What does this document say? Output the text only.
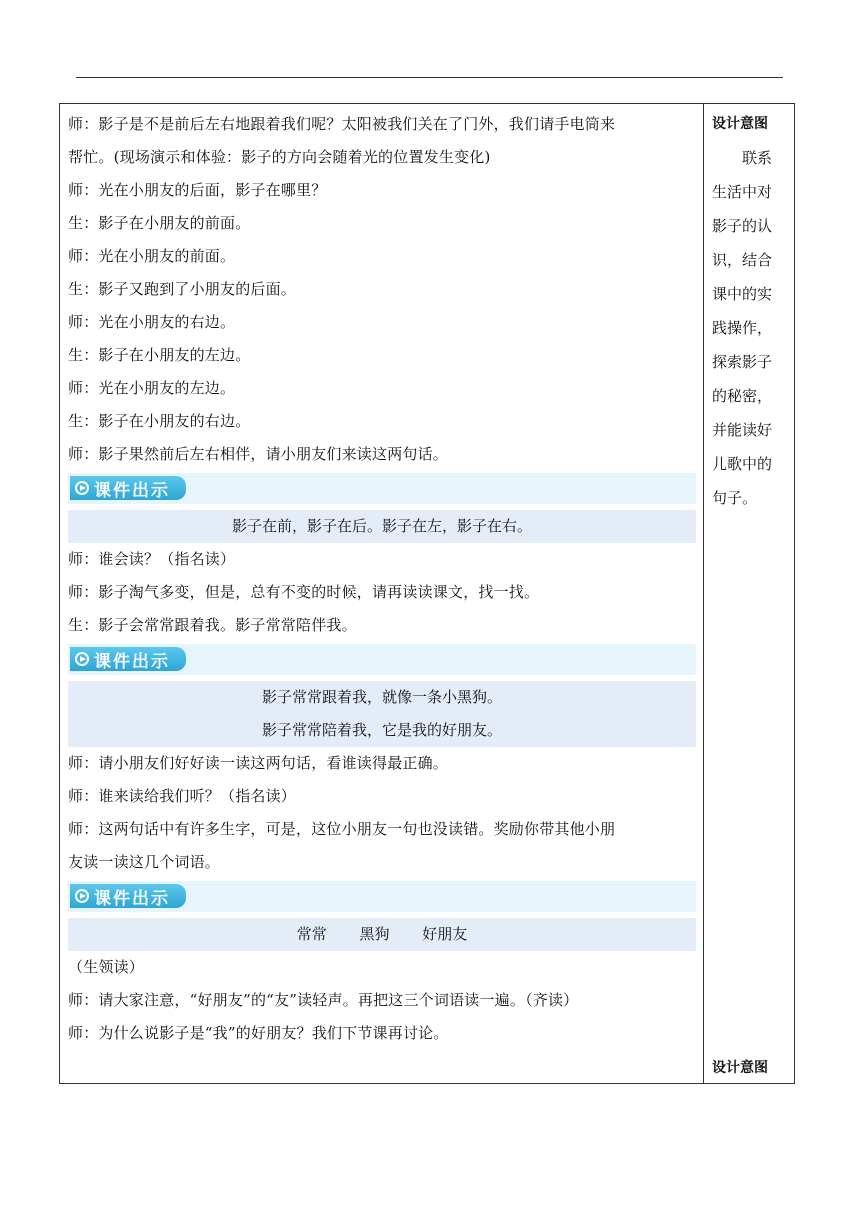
师：影子是不是前后左右地跟着我们呢？太阳被我们关在了门外，我们请手电筒来
帮忙。(现场演示和体验：影子的方向会随着光的位置发生变化)
师：光在小朋友的后面，影子在哪里？
生：影子在小朋友的前面。
师：光在小朋友的前面。
生：影子又跑到了小朋友的后面。
师：光在小朋友的右边。
生：影子在小朋友的左边。
师：光在小朋友的左边。
生：影子在小朋友的右边。
师：影子果然前后左右相伴，请小朋友们来读这两句话。
课件出示
影子在前，影子在后。影子在左，影子在右。
师：谁会读？（指名读）
师：影子淘气多变，但是，总有不变的时候，请再读读课文，找一找。
生：影子会常常跟着我。影子常常陪伴我。
课件出示
影子常常跟着我，就像一条小黑狗。
影子常常陪着我，它是我的好朋友。
师：请小朋友们好好读一读这两句话，看谁读得最正确。
师：谁来读给我们听？（指名读）
师：这两句话中有许多生字，可是，这位小朋友一句也没读错。奖励你带其他小朋
友读一读这几个词语。
课件出示
常常 黑狗 好朋友
（生领读）
师：请大家注意，“好朋友”的“友”读轻声。再把这三个词语读一遍。（齐读）
师：为什么说影子是“我”的好朋友？我们下节课再讨论。
设计意图
联系
生活中对
影子的认
识，结合
课中的实
践操作，
探索影子
的秘密，
并能读好
儿歌中的
句子。
设计意图
